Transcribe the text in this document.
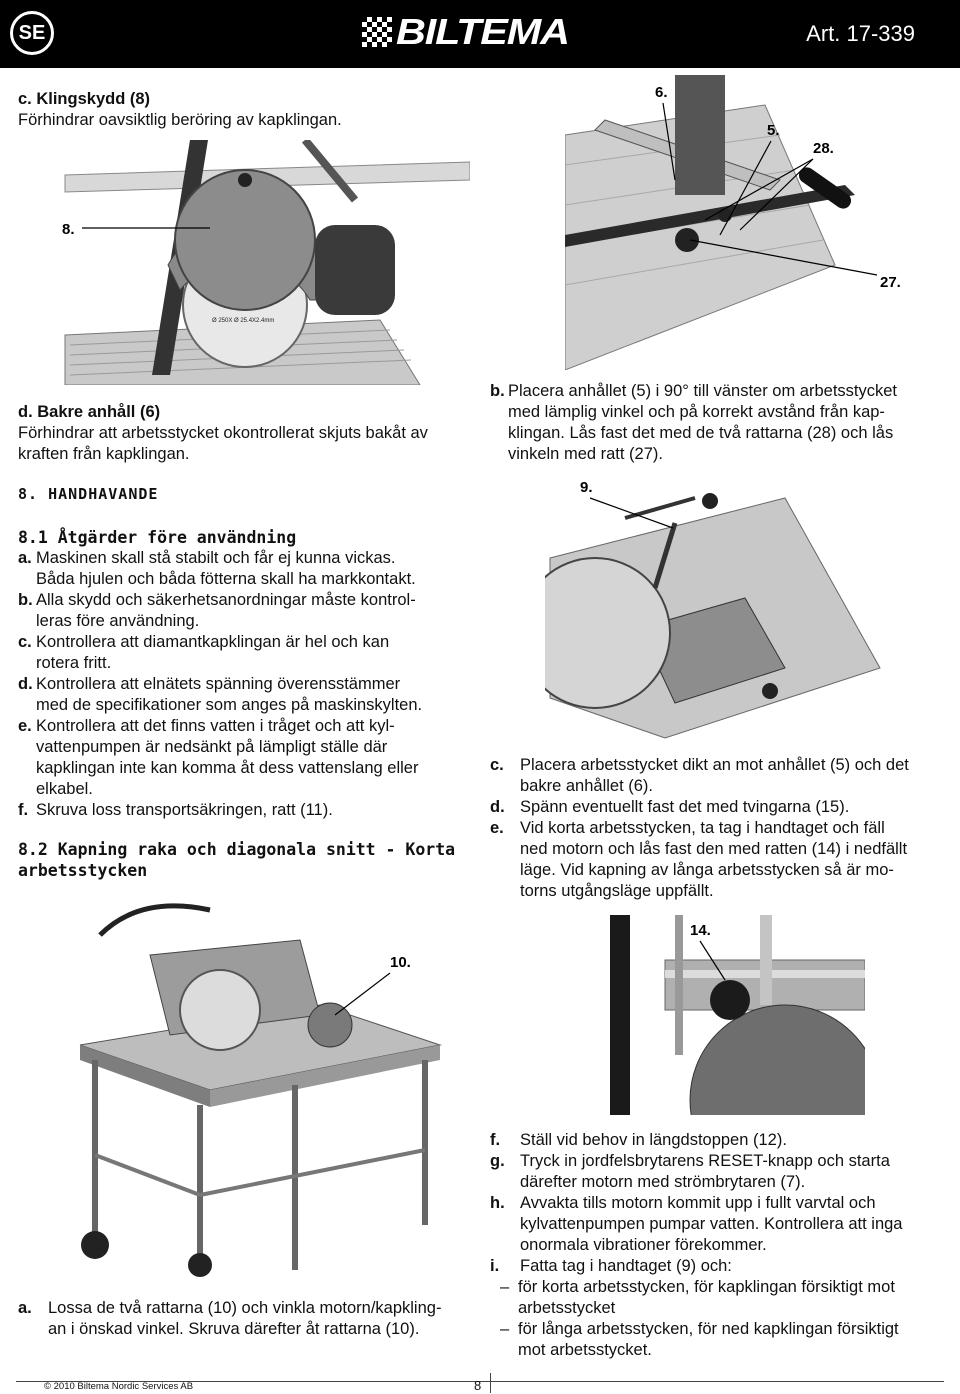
SE	BILTEMA	Art. 17-339
c. Klingskydd (8)
Förhindrar oavsiktlig beröring av kapklingan.
Ø 250X Ø 25.4X2.4mm
8.
d. Bakre anhåll (6)
Förhindrar att arbetsstycket okontrollerat skjuts bakåt av
kraften från kapklingan.
8. HANDHAVANDE
8.1 Åtgärder före användning
a. Maskinen skall stå stabilt och får ej kunna vickas.
Båda hjulen och båda fötterna skall ha markkontakt.
b. Alla skydd och säkerhetsanordningar måste kontrol-
leras före användning.
c. Kontrollera att diamantkapklingan är hel och kan
rotera fritt.
d. Kontrollera att elnätets spänning överensstämmer
med de specifikationer som anges på maskinskylten.
e. Kontrollera att det finns vatten i tråget och att kyl-
vattenpumpen är nedsänkt på lämpligt ställe där
kapklingan inte kan komma åt dess vattenslang eller
elkabel.
f. Skruva loss transportsäkringen, ratt (11).
8.2 Kapning raka och diagonala snitt - Korta
arbetsstycken
10.
a. Lossa de två rattarna (10) och vinkla motorn/kapkling-
an i önskad vinkel. Skruva därefter åt rattarna (10).
6.
5.
28.
27.
b. Placera anhållet (5) i 90° till vänster om arbetsstycket
med lämplig vinkel och på korrekt avstånd från kap-
klingan. Lås fast det med de två rattarna (28) och lås
vinkeln med ratt (27).
9.
c. Placera arbetsstycket dikt an mot anhållet (5) och det
bakre anhållet (6).
d. Spänn eventuellt fast det med tvingarna (15).
e. Vid korta arbetsstycken, ta tag i handtaget och fäll
ned motorn och lås fast den med ratten (14) i nedfällt
läge. Vid kapning av långa arbetsstycken så är mo-
torns utgångsläge uppfällt.
14.
f. Ställ vid behov in längdstoppen (12).
g. Tryck in jordfelsbrytarens RESET-knapp och starta
därefter motorn med strömbrytaren (7).
h. Avvakta tills motorn kommit upp i fullt varvtal och
kylvattenpumpen pumpar vatten. Kontrollera att inga
onormala vibrationer förekommer.
i. Fatta tag i handtaget (9) och:
– för korta arbetsstycken, för kapklingan försiktigt mot
arbetsstycket
– för långa arbetsstycken, för ned kapklingan försiktigt
mot arbetsstycket.
© 2010 Biltema Nordic Services AB	8
